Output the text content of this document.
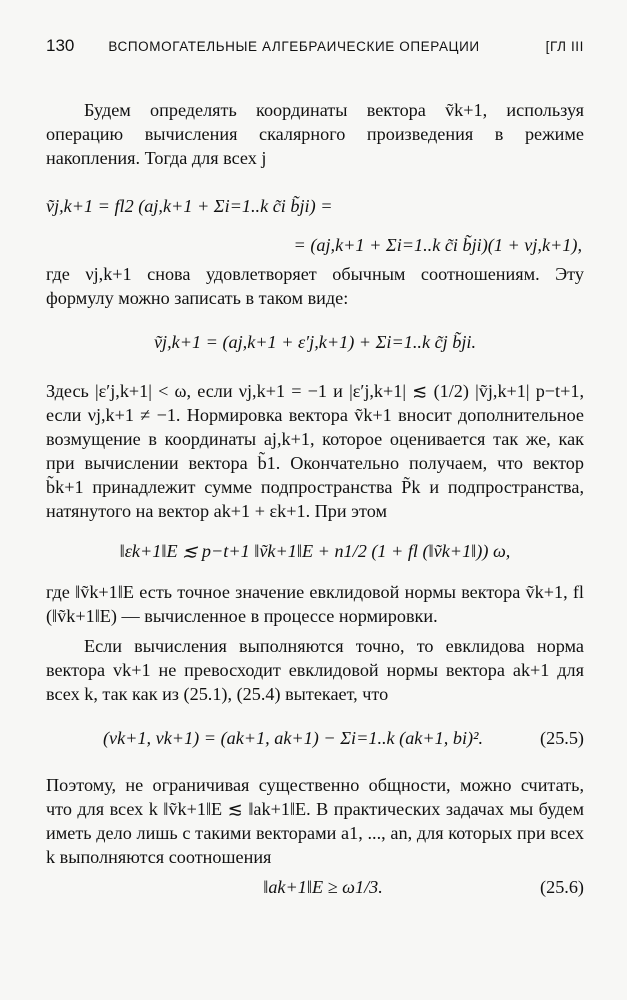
130	ВСПОМОГАТЕЛЬНЫЕ АЛГЕБРАИЧЕСКИЕ ОПЕРАЦИИ	[ГЛ III

Будем определять координаты вектора ṽk+1, используя операцию вычисления скалярного произведения в режиме накопления. Тогда для всех j

ṽj,k+1 = fl2 (aj,k+1 + Σi=1..k c̃i b̃ji) =
= (aj,k+1 + Σi=1..k c̃i b̃ji)(1 + νj,k+1),

где νj,k+1 снова удовлетворяет обычным соотношениям. Эту формулу можно записать в таком виде:

ṽj,k+1 = (aj,k+1 + ε′j,k+1) + Σi=1..k c̃j b̃ji.

Здесь |ε′j,k+1| < ω, если νj,k+1 = −1 и |ε′j,k+1| ≲ (1/2) |ṽj,k+1| p−t+1, если νj,k+1 ≠ −1. Нормировка вектора ṽk+1 вносит дополнительное возмущение в координаты aj,k+1, которое оценивается так же, как при вычислении вектора b̃1. Окончательно получаем, что вектор b̃k+1 принадлежит сумме подпространства P̃k и подпространства, натянутого на вектор ak+1 + εk+1. При этом

‖εk+1‖E ≲ p−t+1 ‖ṽk+1‖E + n1/2 (1 + fl (‖ṽk+1‖)) ω,

где ‖ṽk+1‖E есть точное значение евклидовой нормы вектора ṽk+1, fl (‖ṽk+1‖E) — вычисленное в процессе нормировки.

Если вычисления выполняются точно, то евклидова норма вектора vk+1 не превосходит евклидовой нормы вектора ak+1 для всех k, так как из (25.1), (25.4) вытекает, что

(vk+1, vk+1) = (ak+1, ak+1) − Σi=1..k (ak+1, bi)².	(25.5)

Поэтому, не ограничивая существенно общности, можно считать, что для всех k ‖ṽk+1‖E ≲ ‖ak+1‖E. В практических задачах мы будем иметь дело лишь с такими векторами a1, ..., an, для которых при всех k выполняются соотношения

‖ak+1‖E ≥ ω1/3.	(25.6)
